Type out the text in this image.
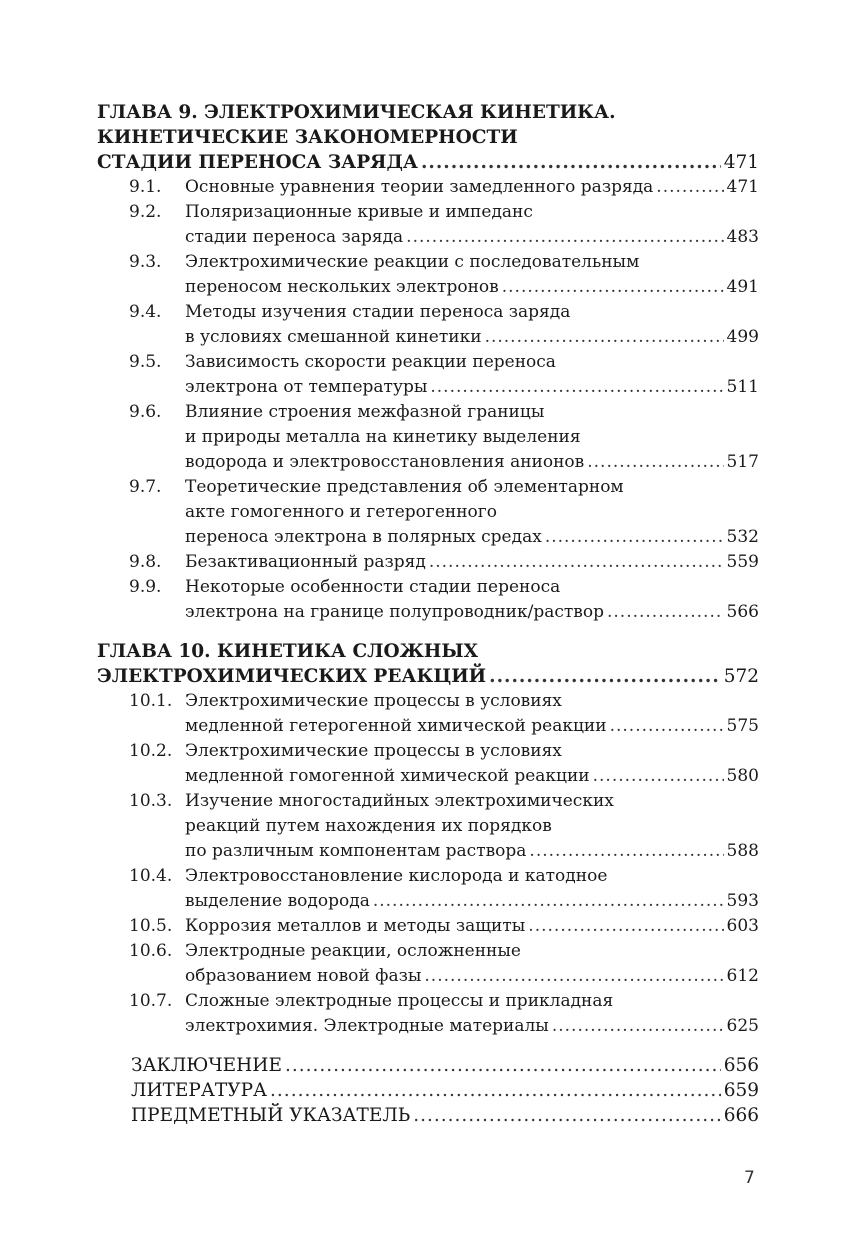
ГЛАВА 9. ЭЛЕКТРОХИМИЧЕСКАЯ КИНЕТИКА.
КИНЕТИЧЕСКИЕ ЗАКОНОМЕРНОСТИ
СТАДИИ ПЕРЕНОСА ЗАРЯДА .....	471
9.1.	Основные уравнения теории замедленного разряда .....	471
9.2.	Поляризационные кривые и импеданс
стадии переноса заряда .....	483
9.3.	Электрохимические реакции с последовательным
переносом нескольких электронов .....	491
9.4.	Методы изучения стадии переноса заряда
в условиях смешанной кинетики .....	499
9.5.	Зависимость скорости реакции переноса
электрона от температуры .....	511
9.6.	Влияние строения межфазной границы
и природы металла на кинетику выделения
водорода и электровосстановления анионов .....	517
9.7.	Теоретические представления об элементарном
акте гомогенного и гетерогенного
переноса электрона в полярных средах .....	532
9.8.	Безактивационный разряд .....	559
9.9.	Некоторые особенности стадии переноса
электрона на границе полупроводник/раствор .....	566
ГЛАВА 10. КИНЕТИКА СЛОЖНЫХ
ЭЛЕКТРОХИМИЧЕСКИХ РЕАКЦИЙ .....	572
10.1. Электрохимические процессы в условиях
медленной гетерогенной химической реакции .....	575
10.2. Электрохимические процессы в условиях
медленной гомогенной химической реакции .....	580
10.3. Изучение многостадийных электрохимических
реакций путем нахождения их порядков
по различным компонентам раствора .....	588
10.4. Электровосстановление кислорода и катодное
выделение водорода .....	593
10.5. Коррозия металлов и методы защиты .....	603
10.6. Электродные реакции, осложненные
образованием новой фазы .....	612
10.7. Сложные электродные процессы и прикладная
электрохимия. Электродные материалы .....	625
ЗАКЛЮЧЕНИЕ .....	656
ЛИТЕРАТУРА .....	659
ПРЕДМЕТНЫЙ УКАЗАТЕЛЬ .....	666
7
